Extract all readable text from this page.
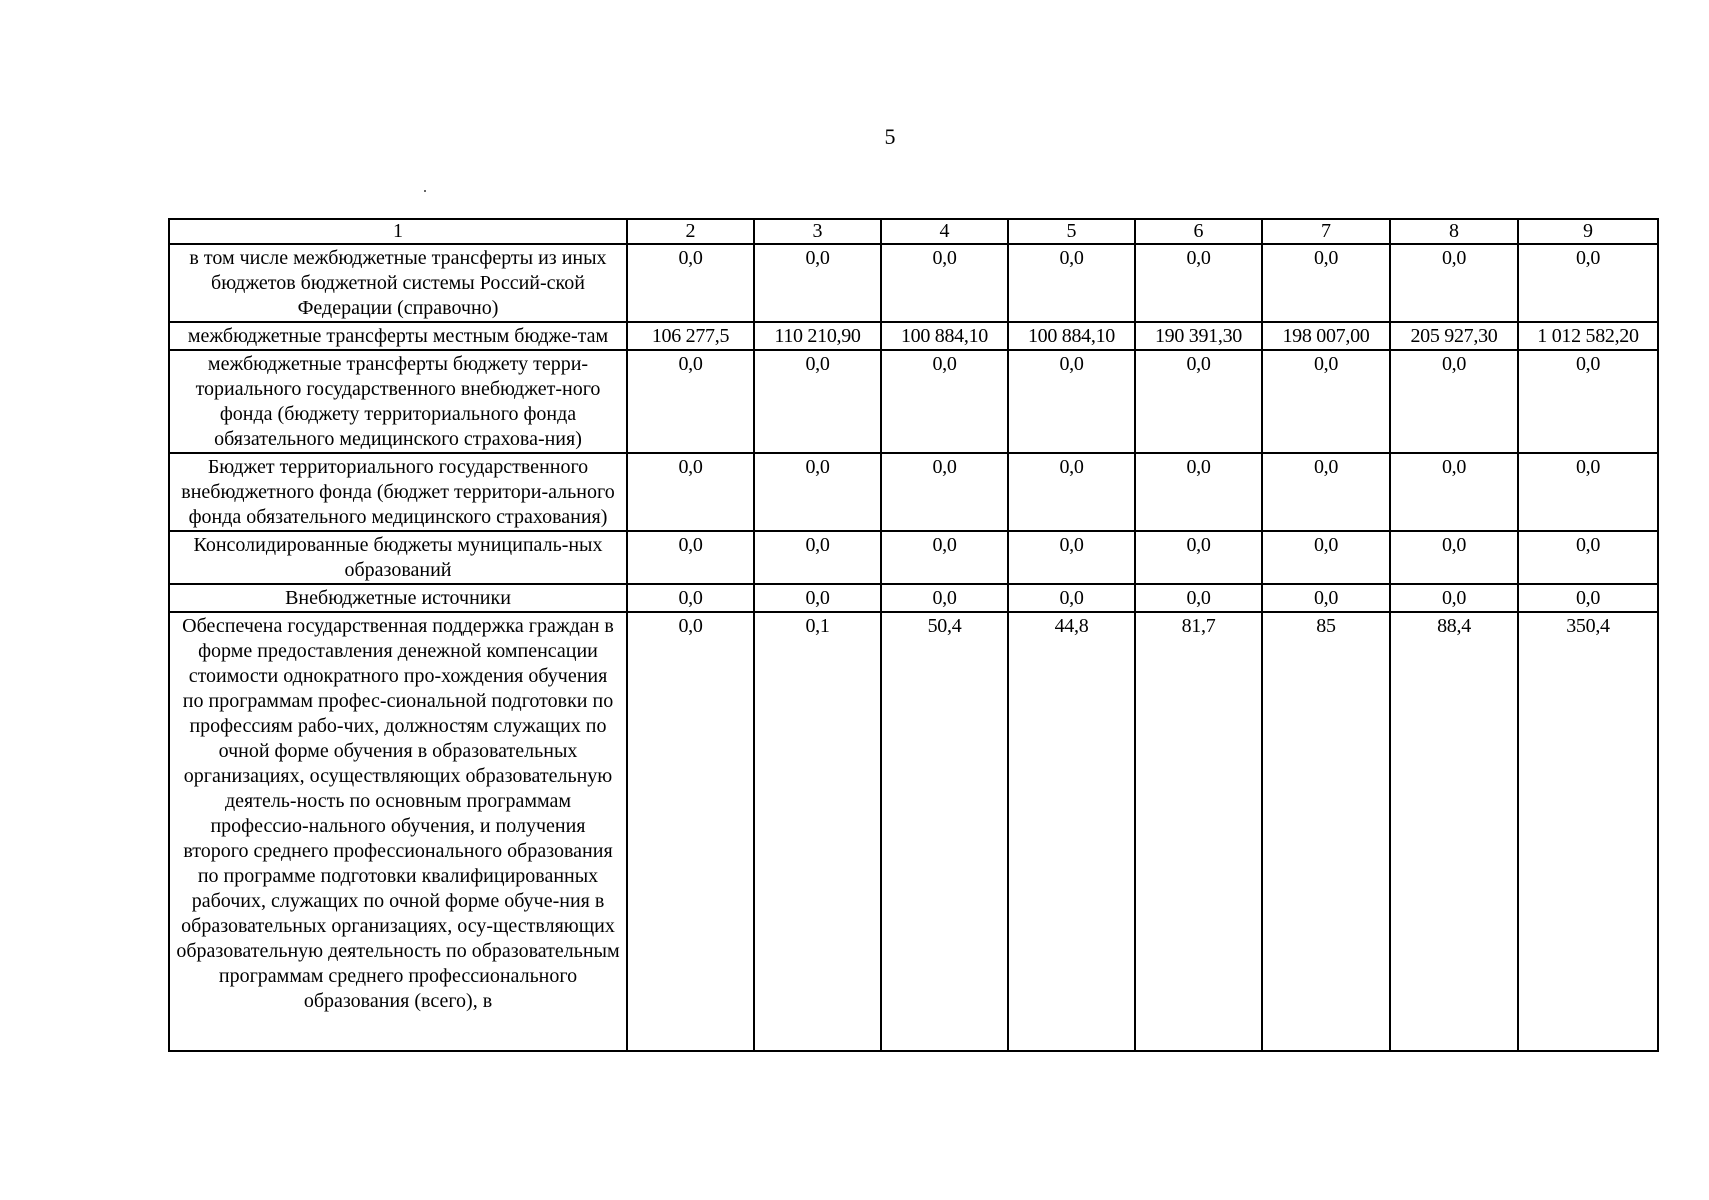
5
1	2	3	4	5	6	7	8	9
в том числе межбюджетные трансферты из иных бюджетов бюджетной системы Россий-ской Федерации (справочно)	0,0	0,0	0,0	0,0	0,0	0,0	0,0	0,0
межбюджетные трансферты местным бюдже-там	106 277,5	110 210,90	100 884,10	100 884,10	190 391,30	198 007,00	205 927,30	1 012 582,20
межбюджетные трансферты бюджету терри-ториального государственного внебюджет-ного фонда (бюджету территориального фонда обязательного медицинского страхова-ния)	0,0	0,0	0,0	0,0	0,0	0,0	0,0	0,0
Бюджет территориального государственного внебюджетного фонда (бюджет территори-ального фонда обязательного медицинского страхования)	0,0	0,0	0,0	0,0	0,0	0,0	0,0	0,0
Консолидированные бюджеты муниципаль-ных образований	0,0	0,0	0,0	0,0	0,0	0,0	0,0	0,0
Внебюджетные источники	0,0	0,0	0,0	0,0	0,0	0,0	0,0	0,0
Обеспечена государственная поддержка граждан в форме предоставления денежной компенсации стоимости однократного про-хождения обучения по программам профес-сиональной подготовки по профессиям рабо-чих, должностям служащих по очной форме обучения в образовательных организациях, осуществляющих образовательную деятель-ность по основным программам профессио-нального обучения, и получения второго среднего профессионального образования по программе подготовки квалифицированных рабочих, служащих по очной форме обуче-ния в образовательных организациях, осу-ществляющих образовательную деятельность по образовательным программам среднего профессионального образования (всего), в	0,0	0,1	50,4	44,8	81,7	85	88,4	350,4
